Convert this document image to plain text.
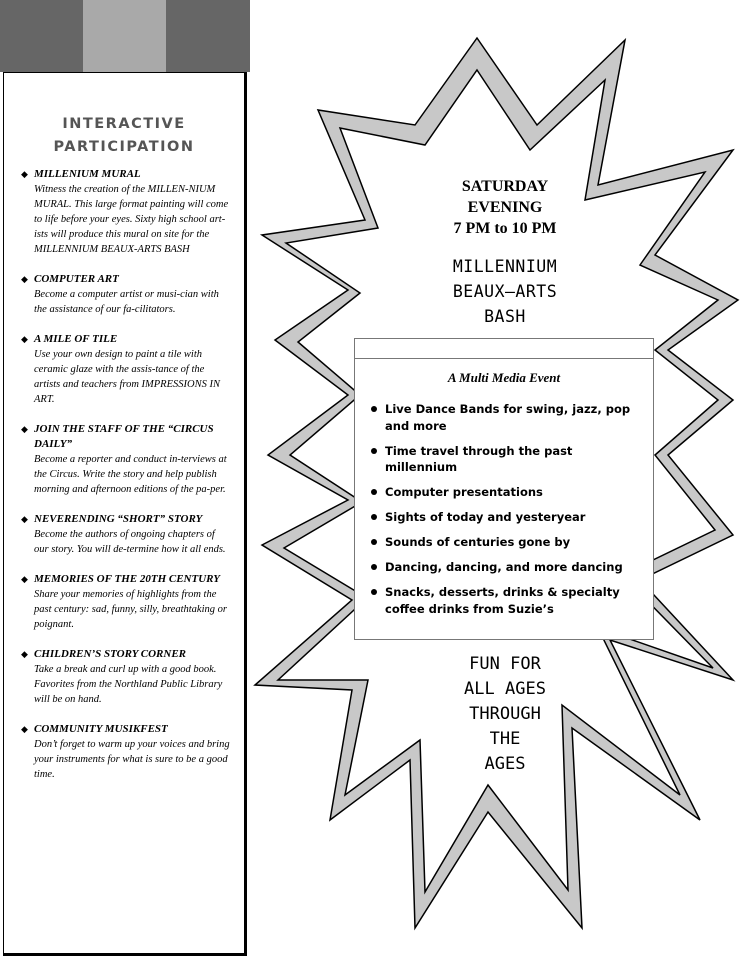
INTERACTIVE
PARTICIPATION
◆ MILLENIUM MURAL
Witness the creation of the MILLEN-NIUM MURAL. This large format painting will come to life before your eyes. Sixty high school art-ists will produce this mural on site for the MILLENNIUM BEAUX-ARTS BASH
◆ COMPUTER ART
Become a computer artist or musi-cian with the assistance of our fa-cilitators.
◆ A MILE OF TILE
Use your own design to paint a tile with ceramic glaze with the assis-tance of the artists and teachers from IMPRESSIONS IN ART.
◆ JOIN THE STAFF OF THE “CIRCUS DAILY”
Become a reporter and conduct in-terviews at the Circus. Write the story and help publish morning and afternoon editions of the pa-per.
◆ NEVERENDING “SHORT” STORY
Become the authors of ongoing chapters of our story. You will de-termine how it all ends.
◆ MEMORIES OF THE 20TH CENTURY
Share your memories of highlights from the past century: sad, funny, silly, breathtaking or poignant.
◆ CHILDREN’S STORY CORNER
Take a break and curl up with a good book. Favorites from the Northland Public Library will be on hand.
◆ COMMUNITY MUSIKFEST
Don’t forget to warm up your voices and bring your instruments for what is sure to be a good time.
SATURDAY
EVENING
7 PM to 10 PM
MILLENNIUM
BEAUX—ARTS
BASH
A Multi Media Event
Live Dance Bands for swing, jazz, pop and more
Time travel through the past millennium
Computer presentations
Sights of today and yesteryear
Sounds of centuries gone by
Dancing, dancing, and more dancing
Snacks, desserts, drinks & specialty coffee drinks from Suzie’s
FUN FOR
ALL AGES
THROUGH
THE
AGES
